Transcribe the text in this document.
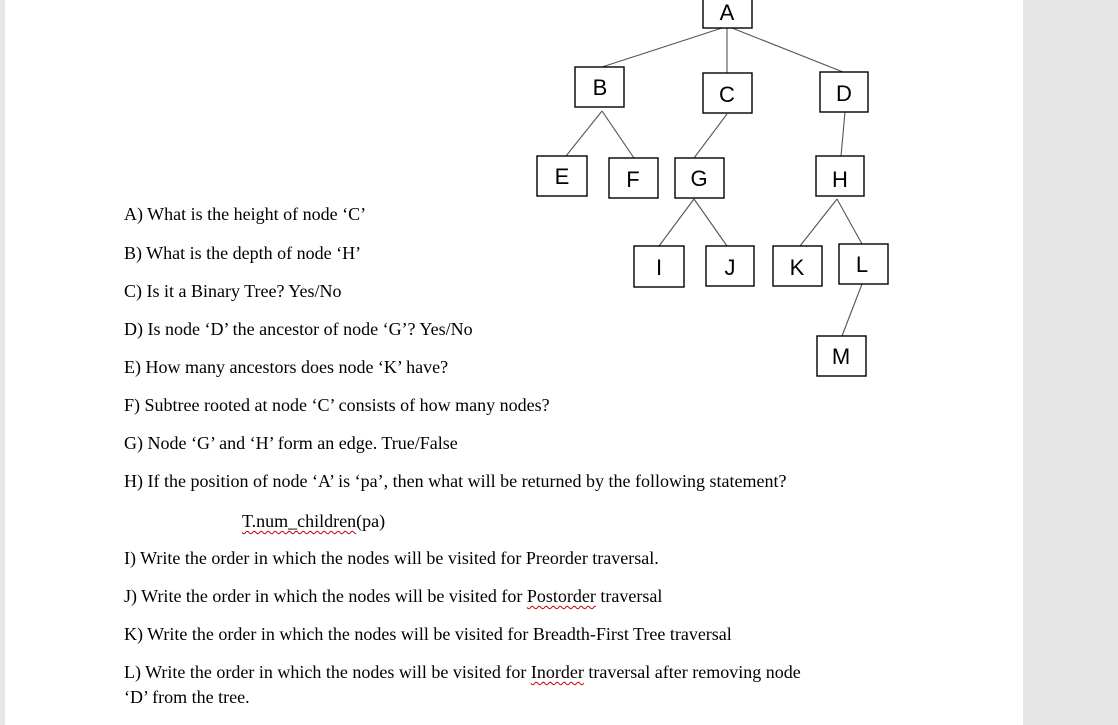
A
B	C	D
E	F G	H
I	J K L
M
A) What is the height of node ‘C’
B) What is the depth of node ‘H’
C) Is it a Binary Tree? Yes/No
D) Is node ‘D’ the ancestor of node ‘G’? Yes/No
E) How many ancestors does node ‘K’ have?
F) Subtree rooted at node ‘C’ consists of how many nodes?
G) Node ‘G’ and ‘H’ form an edge. True/False
H) If the position of node ‘A’ is ‘pa’, then what will be returned by the following statement?
T.num_children(pa)
I) Write the order in which the nodes will be visited for Preorder traversal.
J) Write the order in which the nodes will be visited for Postorder traversal
K) Write the order in which the nodes will be visited for Breadth-First Tree traversal
L) Write the order in which the nodes will be visited for Inorder traversal after removing node
‘D’ from the tree.
